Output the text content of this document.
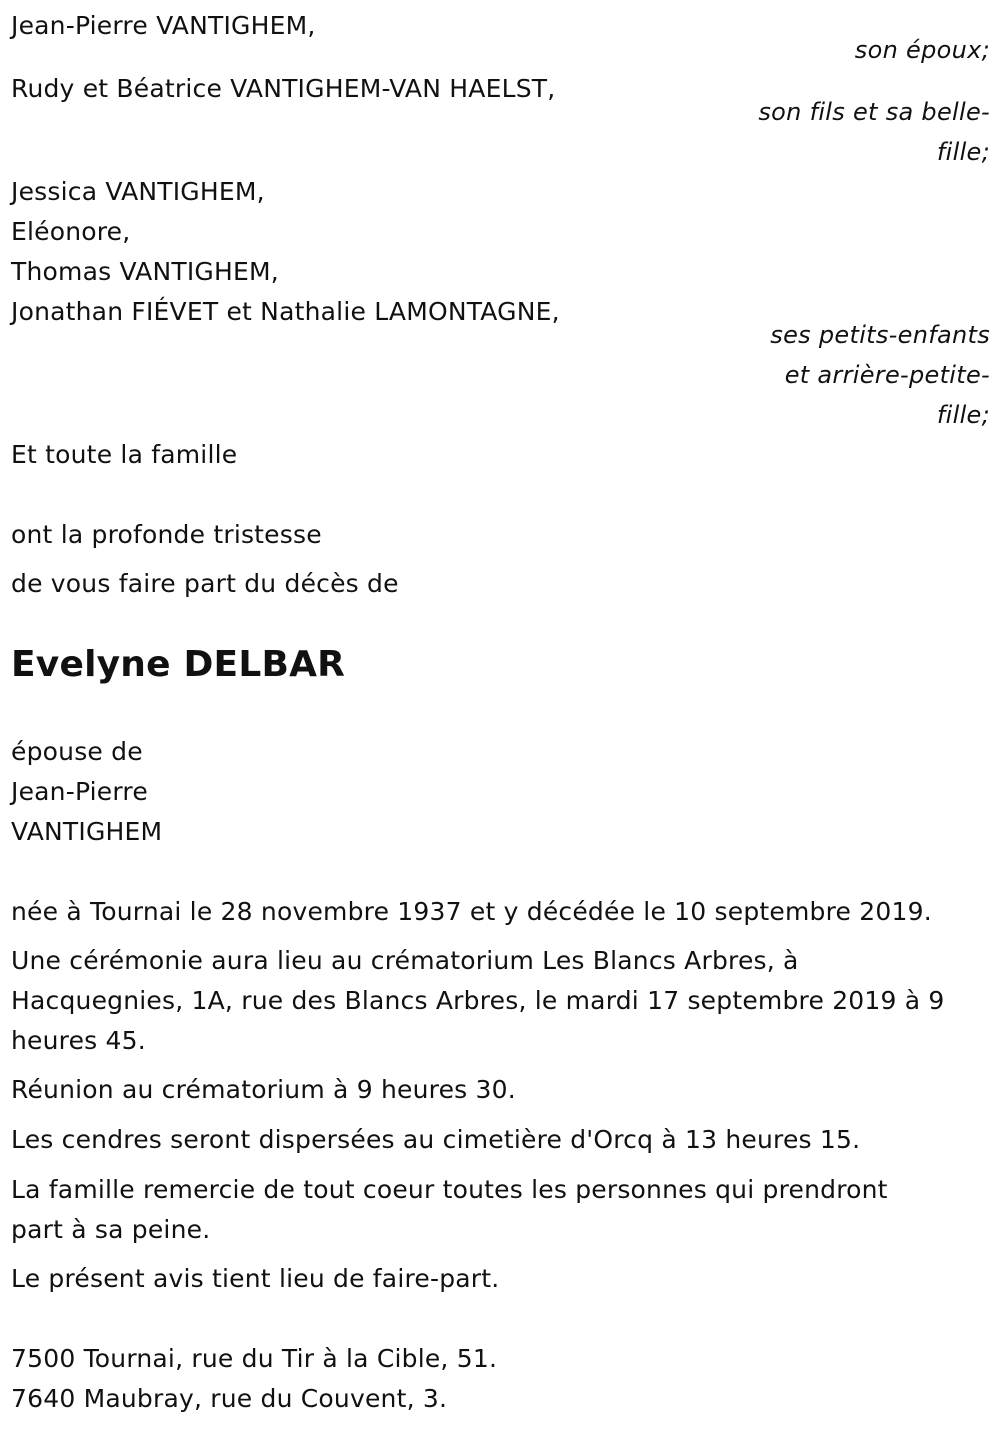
Jean-Pierre VANTIGHEM,

son époux;

Rudy et Béatrice VANTIGHEM-VAN HAELST,

son fils et sa belle-

fille;

Jessica VANTIGHEM,

Eléonore,

Thomas VANTIGHEM,

Jonathan FIÉVET et Nathalie LAMONTAGNE,

ses petits-enfants

et arrière-petite-

fille;

Et toute la famille

ont la profonde tristesse

de vous faire part du décès de

Evelyne DELBAR

épouse de

Jean-Pierre

VANTIGHEM

née à Tournai le 28 novembre 1937 et y décédée le 10 septembre 2019.

Une cérémonie aura lieu au crématorium Les Blancs Arbres, à

Hacquegnies, 1A, rue des Blancs Arbres, le mardi 17 septembre 2019 à 9

heures 45.

Réunion au crématorium à 9 heures 30.

Les cendres seront dispersées au cimetière d'Orcq à 13 heures 15.

La famille remercie de tout coeur toutes les personnes qui prendront

part à sa peine.

Le présent avis tient lieu de faire-part.

7500 Tournai, rue du Tir à la Cible, 51.

7640 Maubray, rue du Couvent, 3.
